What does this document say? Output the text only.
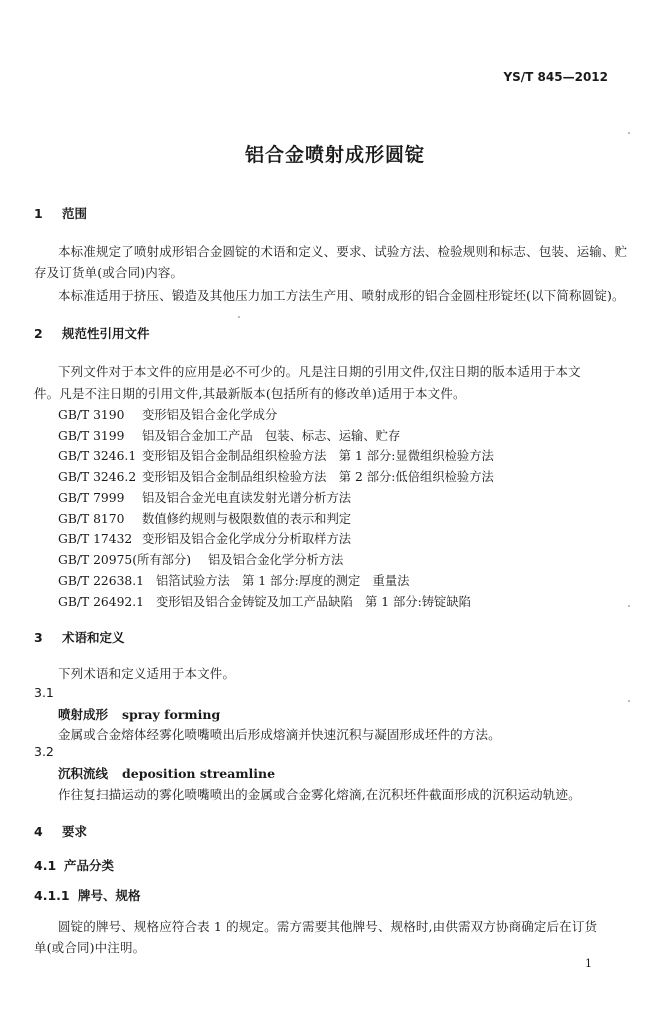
YS/T 845—2012
铝合金喷射成形圆锭
1 范围
本标准规定了喷射成形铝合金圆锭的术语和定义、要求、试验方法、检验规则和标志、包装、运输、贮
存及订货单(或合同)内容。
本标准适用于挤压、锻造及其他压力加工方法生产用、喷射成形的铝合金圆柱形锭坯(以下简称圆锭)。
2 规范性引用文件
下列文件对于本文件的应用是必不可少的。凡是注日期的引用文件,仅注日期的版本适用于本文
件。凡是不注日期的引用文件,其最新版本(包括所有的修改单)适用于本文件。
GB/T 3190 变形铝及铝合金化学成分
GB/T 3199 铝及铝合金加工产品　包装、标志、运输、贮存
GB/T 3246.1 变形铝及铝合金制品组织检验方法　第 1 部分:显微组织检验方法
GB/T 3246.2 变形铝及铝合金制品组织检验方法　第 2 部分:低倍组织检验方法
GB/T 7999 铝及铝合金光电直读发射光谱分析方法
GB/T 8170 数值修约规则与极限数值的表示和判定
GB/T 17432 变形铝及铝合金化学成分分析取样方法
GB/T 20975(所有部分) 铝及铝合金化学分析方法
GB/T 22638.1 铝箔试验方法　第 1 部分:厚度的测定　重量法
GB/T 26492.1 变形铝及铝合金铸锭及加工产品缺陷　第 1 部分:铸锭缺陷
3 术语和定义
下列术语和定义适用于本文件。
3.1
喷射成形 spray forming
金属或合金熔体经雾化喷嘴喷出后形成熔滴并快速沉积与凝固形成坯件的方法。
3.2
沉积流线 deposition streamline
作往复扫描运动的雾化喷嘴喷出的金属或合金雾化熔滴,在沉积坯件截面形成的沉积运动轨迹。
4 要求
4.1 产品分类
4.1.1 牌号、规格
圆锭的牌号、规格应符合表 1 的规定。需方需要其他牌号、规格时,由供需双方协商确定后在订货
单(或合同)中注明。
1
